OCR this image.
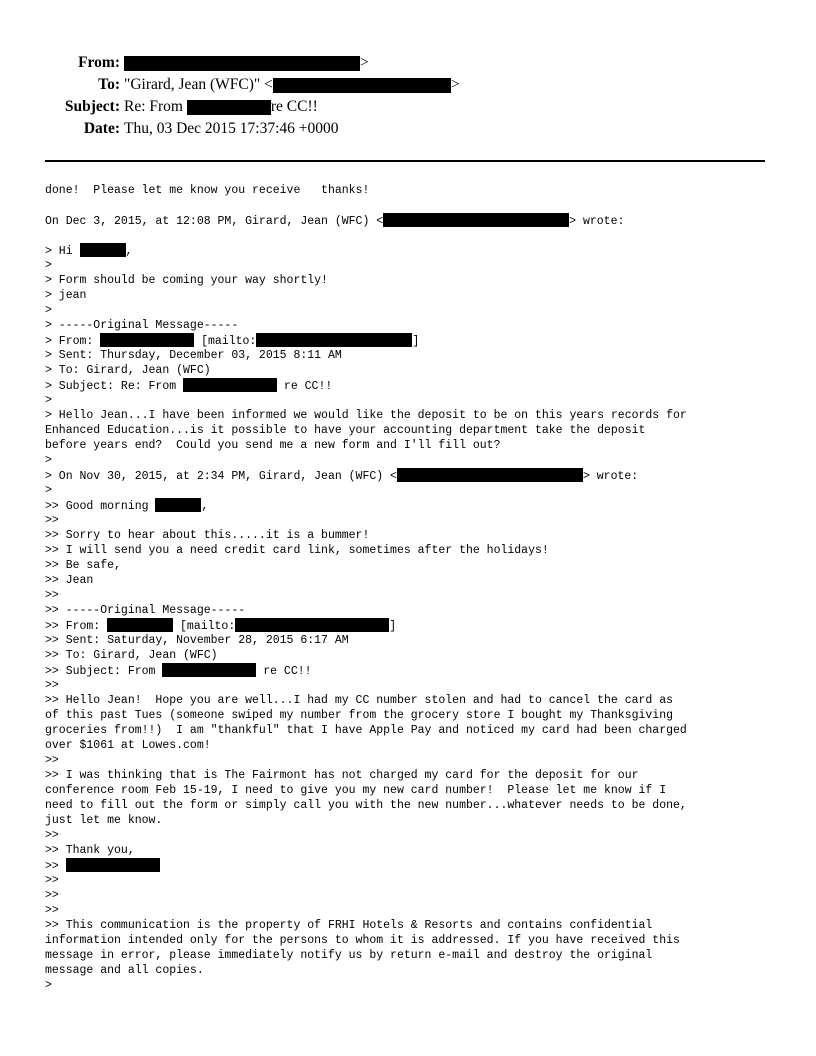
From:	>
To: "Girard, Jean (WFC)" <	>
Subject: Re: From	re CC!!
Date: Thu, 03 Dec 2015 17:37:46 +0000
done!  Please let me know you receive   thanks!
On Dec 3, 2015, at 12:08 PM, Girard, Jean (WFC) <	> wrote:
> Hi	,
>
> Form should be coming your way shortly!
> jean
>
> -----Original Message-----
> From:	[mailto:	]
> Sent: Thursday, December 03, 2015 8:11 AM
> To: Girard, Jean (WFC)
> Subject: Re: From	re CC!!
>
> Hello Jean...I have been informed we would like the deposit to be on this years records for
Enhanced Education...is it possible to have your accounting department take the deposit
before years end?  Could you send me a new form and I'll fill out?
>
> On Nov 30, 2015, at 2:34 PM, Girard, Jean (WFC) <	> wrote:
>
>> Good morning	,
>>
>> Sorry to hear about this.....it is a bummer!
>> I will send you a need credit card link, sometimes after the holidays!
>> Be safe,
>> Jean
>>
>> -----Original Message-----
>> From:	[mailto:	]
>> Sent: Saturday, November 28, 2015 6:17 AM
>> To: Girard, Jean (WFC)
>> Subject: From	re CC!!
>>
>> Hello Jean!  Hope you are well...I had my CC number stolen and had to cancel the card as
of this past Tues (someone swiped my number from the grocery store I bought my Thanksgiving
groceries from!!)  I am "thankful" that I have Apple Pay and noticed my card had been charged
over $1061 at Lowes.com!
>>
>> I was thinking that is The Fairmont has not charged my card for the deposit for our
conference room Feb 15-19, I need to give you my new card number!  Please let me know if I
need to fill out the form or simply call you with the new number...whatever needs to be done,
just let me know.
>>
>> Thank you,
>>
>>
>>
>>
>> This communication is the property of FRHI Hotels & Resorts and contains confidential
information intended only for the persons to whom it is addressed. If you have received this
message in error, please immediately notify us by return e-mail and destroy the original
message and all copies.
>
